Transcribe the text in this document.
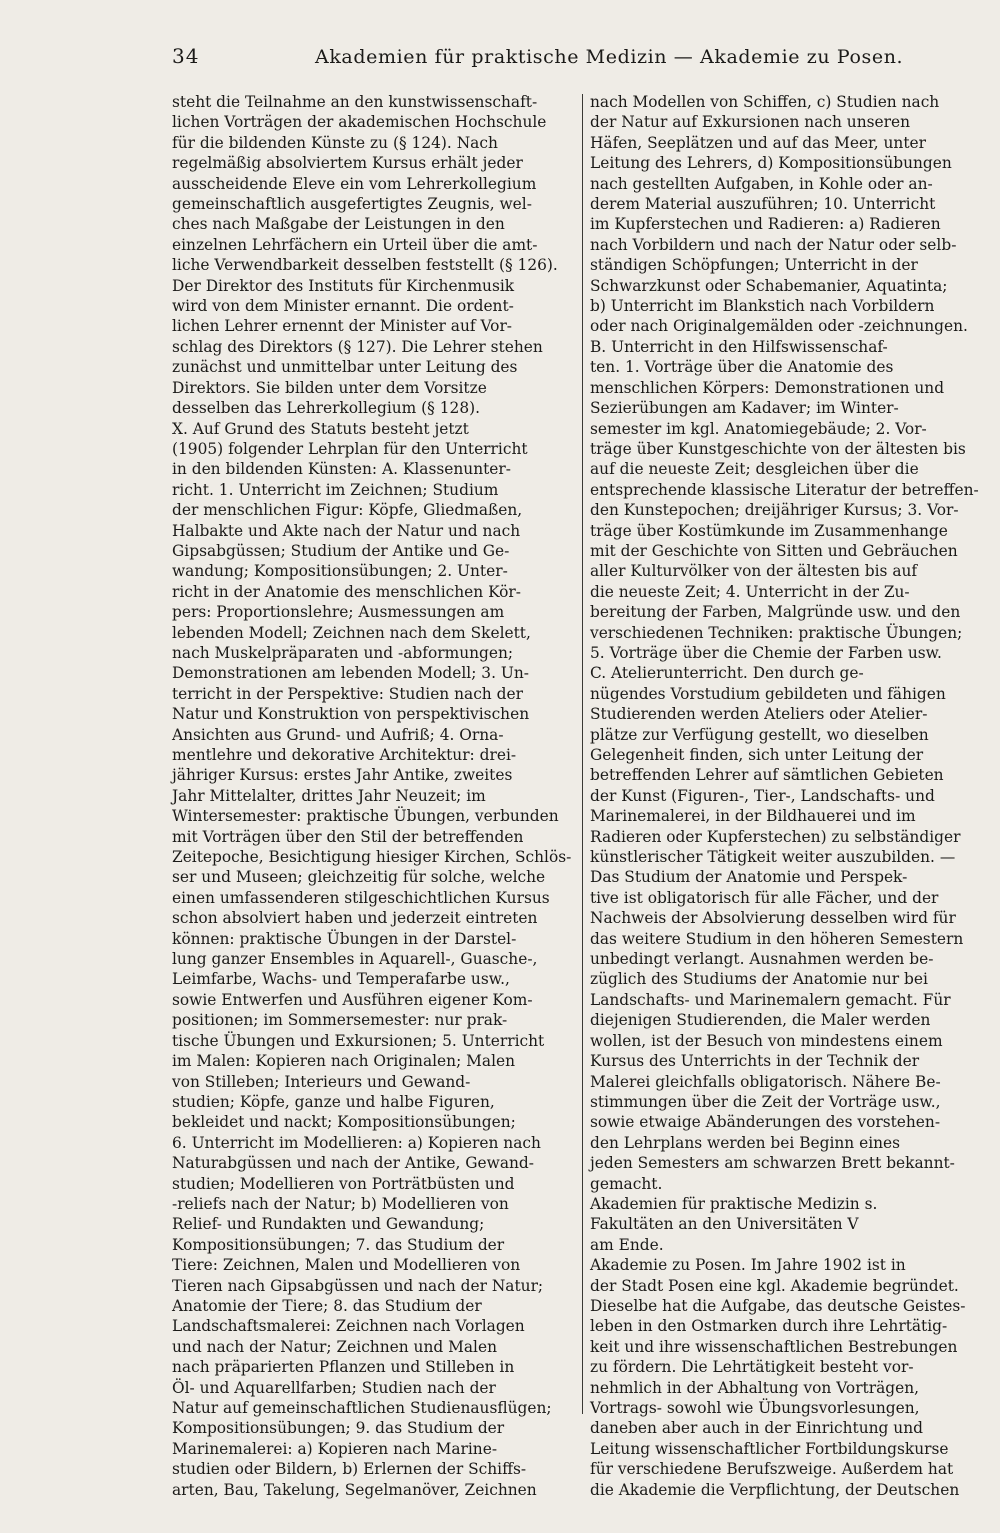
34	Akademien für praktische Medizin — Akademie zu Posen.
steht die Teilnahme an den kunstwissenschaft-
lichen Vorträgen der akademischen Hochschule
für die bildenden Künste zu (§ 124). Nach
regelmäßig absolviertem Kursus erhält jeder
ausscheidende Eleve ein vom Lehrerkollegium
gemeinschaftlich ausgefertigtes Zeugnis, wel-
ches nach Maßgabe der Leistungen in den
einzelnen Lehrfächern ein Urteil über die amt-
liche Verwendbarkeit desselben feststellt (§ 126).
Der Direktor des Instituts für Kirchenmusik
wird von dem Minister ernannt. Die ordent-
lichen Lehrer ernennt der Minister auf Vor-
schlag des Direktors (§ 127). Die Lehrer stehen
zunächst und unmittelbar unter Leitung des
Direktors. Sie bilden unter dem Vorsitze
desselben das Lehrerkollegium (§ 128).
X. Auf Grund des Statuts besteht jetzt
(1905) folgender Lehrplan für den Unterricht
in den bildenden Künsten: A. Klassenunter-
richt. 1. Unterricht im Zeichnen; Studium
der menschlichen Figur: Köpfe, Gliedmaßen,
Halbakte und Akte nach der Natur und nach
Gipsabgüssen; Studium der Antike und Ge-
wandung; Kompositionsübungen; 2. Unter-
richt in der Anatomie des menschlichen Kör-
pers: Proportionslehre; Ausmessungen am
lebenden Modell; Zeichnen nach dem Skelett,
nach Muskelpräparaten und -abformungen;
Demonstrationen am lebenden Modell; 3. Un-
terricht in der Perspektive: Studien nach der
Natur und Konstruktion von perspektivischen
Ansichten aus Grund- und Aufriß; 4. Orna-
mentlehre und dekorative Architektur: drei-
jähriger Kursus: erstes Jahr Antike, zweites
Jahr Mittelalter, drittes Jahr Neuzeit; im
Wintersemester: praktische Übungen, verbunden
mit Vorträgen über den Stil der betreffenden
Zeitepoche, Besichtigung hiesiger Kirchen, Schlös-
ser und Museen; gleichzeitig für solche, welche
einen umfassenderen stilgeschichtlichen Kursus
schon absolviert haben und jederzeit eintreten
können: praktische Übungen in der Darstel-
lung ganzer Ensembles in Aquarell-, Guasche-,
Leimfarbe, Wachs- und Temperafarbe usw.,
sowie Entwerfen und Ausführen eigener Kom-
positionen; im Sommersemester: nur prak-
tische Übungen und Exkursionen; 5. Unterricht
im Malen: Kopieren nach Originalen; Malen
von Stilleben; Interieurs und Gewand-
studien; Köpfe, ganze und halbe Figuren,
bekleidet und nackt; Kompositionsübungen;
6. Unterricht im Modellieren: a) Kopieren nach
Naturabgüssen und nach der Antike, Gewand-
studien; Modellieren von Porträtbüsten und
-reliefs nach der Natur; b) Modellieren von
Relief- und Rundakten und Gewandung;
Kompositionsübungen; 7. das Studium der
Tiere: Zeichnen, Malen und Modellieren von
Tieren nach Gipsabgüssen und nach der Natur;
Anatomie der Tiere; 8. das Studium der
Landschaftsmalerei: Zeichnen nach Vorlagen
und nach der Natur; Zeichnen und Malen
nach präparierten Pflanzen und Stilleben in
Öl- und Aquarellfarben; Studien nach der
Natur auf gemeinschaftlichen Studienausflügen;
Kompositionsübungen; 9. das Studium der
Marinemalerei: a) Kopieren nach Marine-
studien oder Bildern, b) Erlernen der Schiffs-
arten, Bau, Takelung, Segelmanöver, Zeichnen
nach Modellen von Schiffen, c) Studien nach
der Natur auf Exkursionen nach unseren
Häfen, Seeplätzen und auf das Meer, unter
Leitung des Lehrers, d) Kompositionsübungen
nach gestellten Aufgaben, in Kohle oder an-
derem Material auszuführen; 10. Unterricht
im Kupferstechen und Radieren: a) Radieren
nach Vorbildern und nach der Natur oder selb-
ständigen Schöpfungen; Unterricht in der
Schwarzkunst oder Schabemanier, Aquatinta;
b) Unterricht im Blankstich nach Vorbildern
oder nach Originalgemälden oder -zeichnungen.
B. Unterricht in den Hilfswissenschaf-
ten. 1. Vorträge über die Anatomie des
menschlichen Körpers: Demonstrationen und
Sezierübungen am Kadaver; im Winter-
semester im kgl. Anatomiegebäude; 2. Vor-
träge über Kunstgeschichte von der ältesten bis
auf die neueste Zeit; desgleichen über die
entsprechende klassische Literatur der betreffen-
den Kunstepochen; dreijähriger Kursus; 3. Vor-
träge über Kostümkunde im Zusammenhange
mit der Geschichte von Sitten und Gebräuchen
aller Kulturvölker von der ältesten bis auf
die neueste Zeit; 4. Unterricht in der Zu-
bereitung der Farben, Malgründe usw. und den
verschiedenen Techniken: praktische Übungen;
5. Vorträge über die Chemie der Farben usw.
C. Atelierunterricht. Den durch ge-
nügendes Vorstudium gebildeten und fähigen
Studierenden werden Ateliers oder Atelier-
plätze zur Verfügung gestellt, wo dieselben
Gelegenheit finden, sich unter Leitung der
betreffenden Lehrer auf sämtlichen Gebieten
der Kunst (Figuren-, Tier-, Landschafts- und
Marinemalerei, in der Bildhauerei und im
Radieren oder Kupferstechen) zu selbständiger
künstlerischer Tätigkeit weiter auszubilden. —
Das Studium der Anatomie und Perspek-
tive ist obligatorisch für alle Fächer, und der
Nachweis der Absolvierung desselben wird für
das weitere Studium in den höheren Semestern
unbedingt verlangt. Ausnahmen werden be-
züglich des Studiums der Anatomie nur bei
Landschafts- und Marinemalern gemacht. Für
diejenigen Studierenden, die Maler werden
wollen, ist der Besuch von mindestens einem
Kursus des Unterrichts in der Technik der
Malerei gleichfalls obligatorisch. Nähere Be-
stimmungen über die Zeit der Vorträge usw.,
sowie etwaige Abänderungen des vorstehen-
den Lehrplans werden bei Beginn eines
jeden Semesters am schwarzen Brett bekannt-
gemacht.
Akademien für praktische Medizin s.
Fakultäten an den Universitäten V
am Ende.
Akademie zu Posen. Im Jahre 1902 ist in
der Stadt Posen eine kgl. Akademie begründet.
Dieselbe hat die Aufgabe, das deutsche Geistes-
leben in den Ostmarken durch ihre Lehrtätig-
keit und ihre wissenschaftlichen Bestrebungen
zu fördern. Die Lehrtätigkeit besteht vor-
nehmlich in der Abhaltung von Vorträgen,
Vortrags- sowohl wie Übungsvorlesungen,
daneben aber auch in der Einrichtung und
Leitung wissenschaftlicher Fortbildungskurse
für verschiedene Berufszweige. Außerdem hat
die Akademie die Verpflichtung, der Deutschen
